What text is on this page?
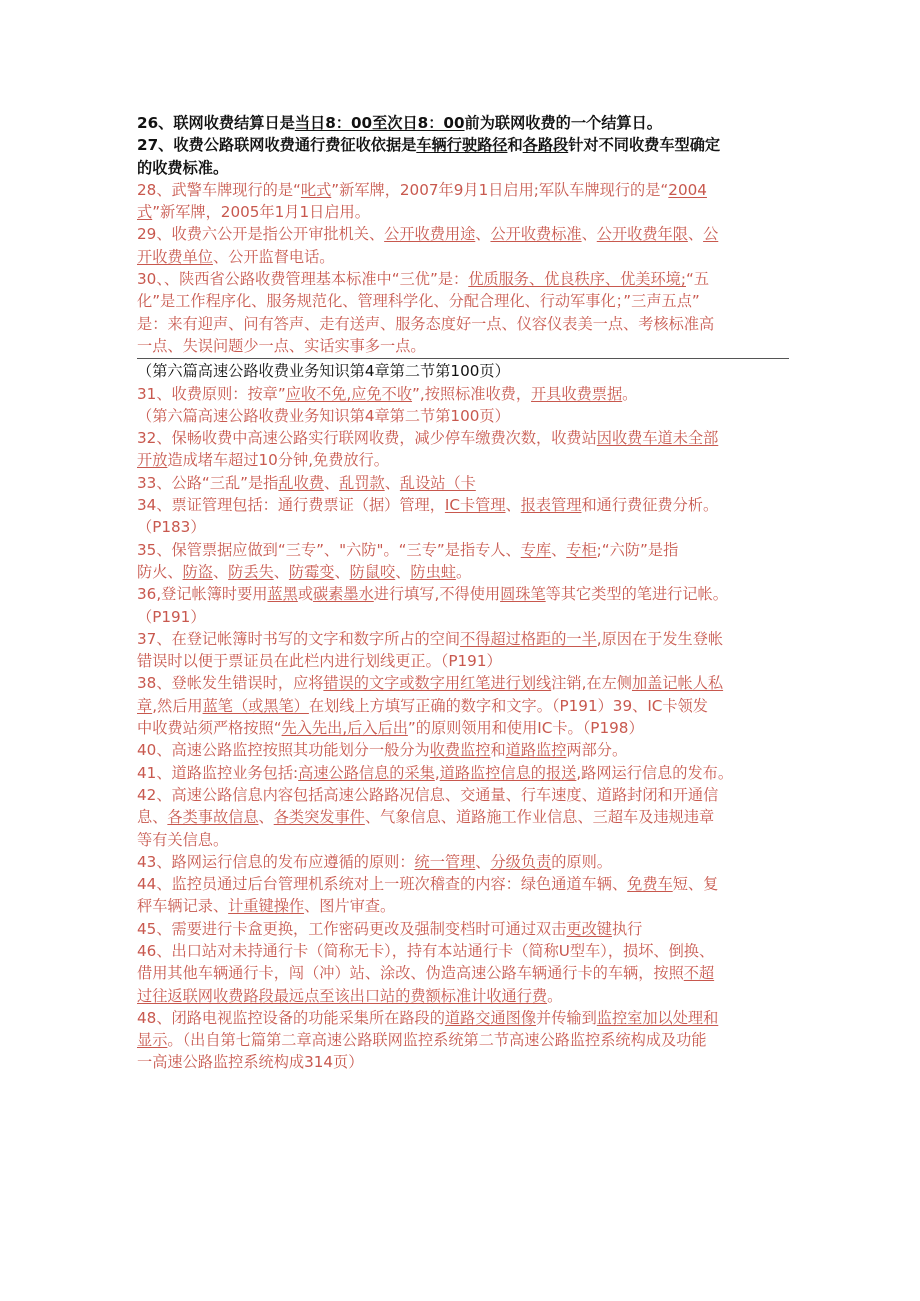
26、联网收费结算日是当日8：00至次日8：00前为联网收费的一个结算日。
27、收费公路联网收费通行费征收依据是车辆行驶路径和各路段针对不同收费车型确定
的收费标准。
28、武警车牌现行的是“叱式”新军牌，2007年9月1日启用;军队车牌现行的是“2004
式”新军牌，2005年1月1日启用。
29、收费六公开是指公开审批机关、公开收费用途、公开收费标准、公开收费年限、公
开收费单位、公开监督电话。
30、、陕西省公路收费管理基本标准中“三优”是：优质服务、优良秩序、优美环境;“五
化”是工作程序化、服务规范化、管理科学化、分配合理化、行动军事化；”三声五点”
是：来有迎声、问有答声、走有送声、服务态度好一点、仪容仪表美一点、考核标准高
一点、失误问题少一点、实话实事多一点。
（第六篇高速公路收费业务知识第4章第二节第100页）
31、收费原则：按章”应收不免,应免不收”,按照标准收费，开具收费票据。
（第六篇高速公路收费业务知识第4章第二节第100页）
32、保畅收费中高速公路实行联网收费，减少停车缴费次数，收费站因收费车道未全部
开放造成堵车超过10分钟,免费放行。
33、公路“三乱”是指乱收费、乱罚款、乱设站（卡
34、票证管理包括：通行费票证（据）管理，IC卡管理、报表管理和通行费征费分析。
（P183）
35、保管票据应做到“三专”、"六防"。“三专”是指专人、专库、专柜;“六防”是指
防火、防盗、防丢失、防霉变、防鼠咬、防虫蛀。
36,登记帐簿时要用蓝黑或碳素墨水进行填写,不得使用圆珠笔等其它类型的笔进行记帐。
（P191）
37、在登记帐簿时书写的文字和数字所占的空间不得超过格距的一半,原因在于发生登帐
错误时以便于票证员在此栏内进行划线更正。（P191）
38、登帐发生错误时，应将错误的文字或数字用红笔进行划线注销,在左侧加盖记帐人私
章,然后用蓝笔（或黑笔）在划线上方填写正确的数字和文字。（P191）39、IC卡领发
中收费站须严格按照“先入先出,后入后出”的原则领用和使用IC卡。（P198）
40、高速公路监控按照其功能划分一般分为收费监控和道路监控两部分。
41、道路监控业务包括:高速公路信息的采集,道路监控信息的报送,路网运行信息的发布。
42、高速公路信息内容包括高速公路路况信息、交通量、行车速度、道路封闭和开通信
息、各类事故信息、各类突发事件、气象信息、道路施工作业信息、三超车及违规违章
等有关信息。
43、路网运行信息的发布应遵循的原则：统一管理、分级负责的原则。
44、监控员通过后台管理机系统对上一班次稽查的内容：绿色通道车辆、免费车短、复
秤车辆记录、计重键操作、图片审查。
45、需要进行卡盒更换，工作密码更改及强制变档时可通过双击更改键执行
46、出口站对未持通行卡（简称无卡），持有本站通行卡（简称U型车），损坏、倒换、
借用其他车辆通行卡，闯（冲）站、涂改、伪造高速公路车辆通行卡的车辆，按照不超
过往返联网收费路段最远点至该出口站的费额标准计收通行费。
48、闭路电视监控设备的功能采集所在路段的道路交通图像并传输到监控室加以处理和
显示。（出自第七篇第二章高速公路联网监控系统第二节高速公路监控系统构成及功能
一高速公路监控系统构成314页）
